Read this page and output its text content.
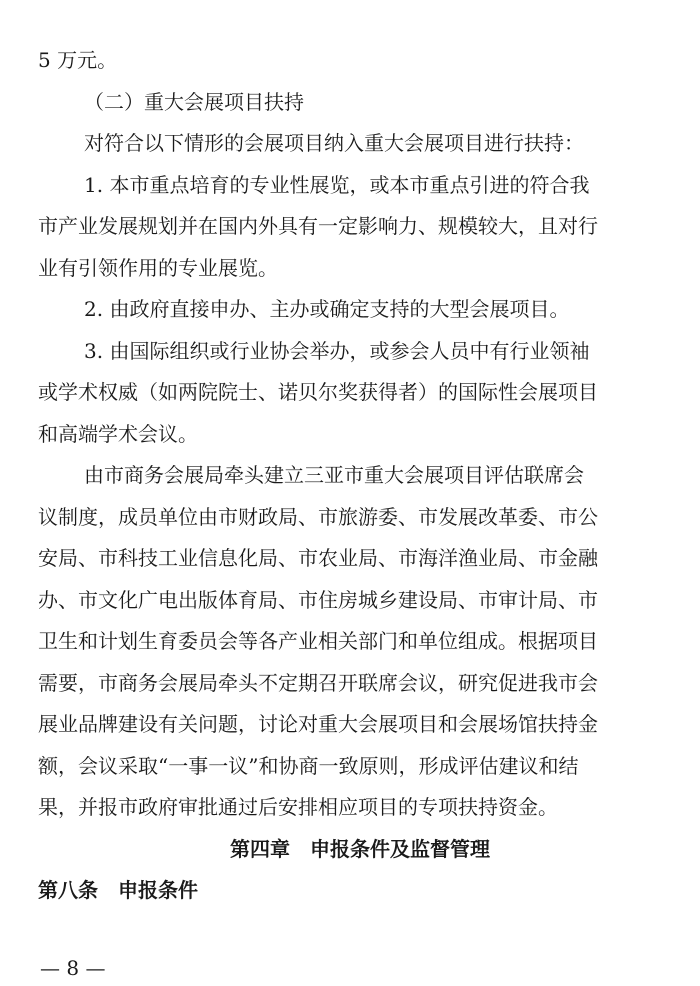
5 万元。

（二）重大会展项目扶持

对符合以下情形的会展项目纳入重大会展项目进行扶持：

1. 本市重点培育的专业性展览，或本市重点引进的符合我

市产业发展规划并在国内外具有一定影响力、规模较大，且对行

业有引领作用的专业展览。

2. 由政府直接申办、主办或确定支持的大型会展项目。

3. 由国际组织或行业协会举办，或参会人员中有行业领袖

或学术权威（如两院院士、诺贝尔奖获得者）的国际性会展项目

和高端学术会议。

由市商务会展局牵头建立三亚市重大会展项目评估联席会

议制度，成员单位由市财政局、市旅游委、市发展改革委、市公

安局、市科技工业信息化局、市农业局、市海洋渔业局、市金融

办、市文化广电出版体育局、市住房城乡建设局、市审计局、市

卫生和计划生育委员会等各产业相关部门和单位组成。根据项目

需要，市商务会展局牵头不定期召开联席会议，研究促进我市会

展业品牌建设有关问题，讨论对重大会展项目和会展场馆扶持金

额，会议采取“一事一议”和协商一致原则，形成评估建议和结

果，并报市政府审批通过后安排相应项目的专项扶持资金。

第四章　申报条件及监督管理

第八条　申报条件

— 8 —
